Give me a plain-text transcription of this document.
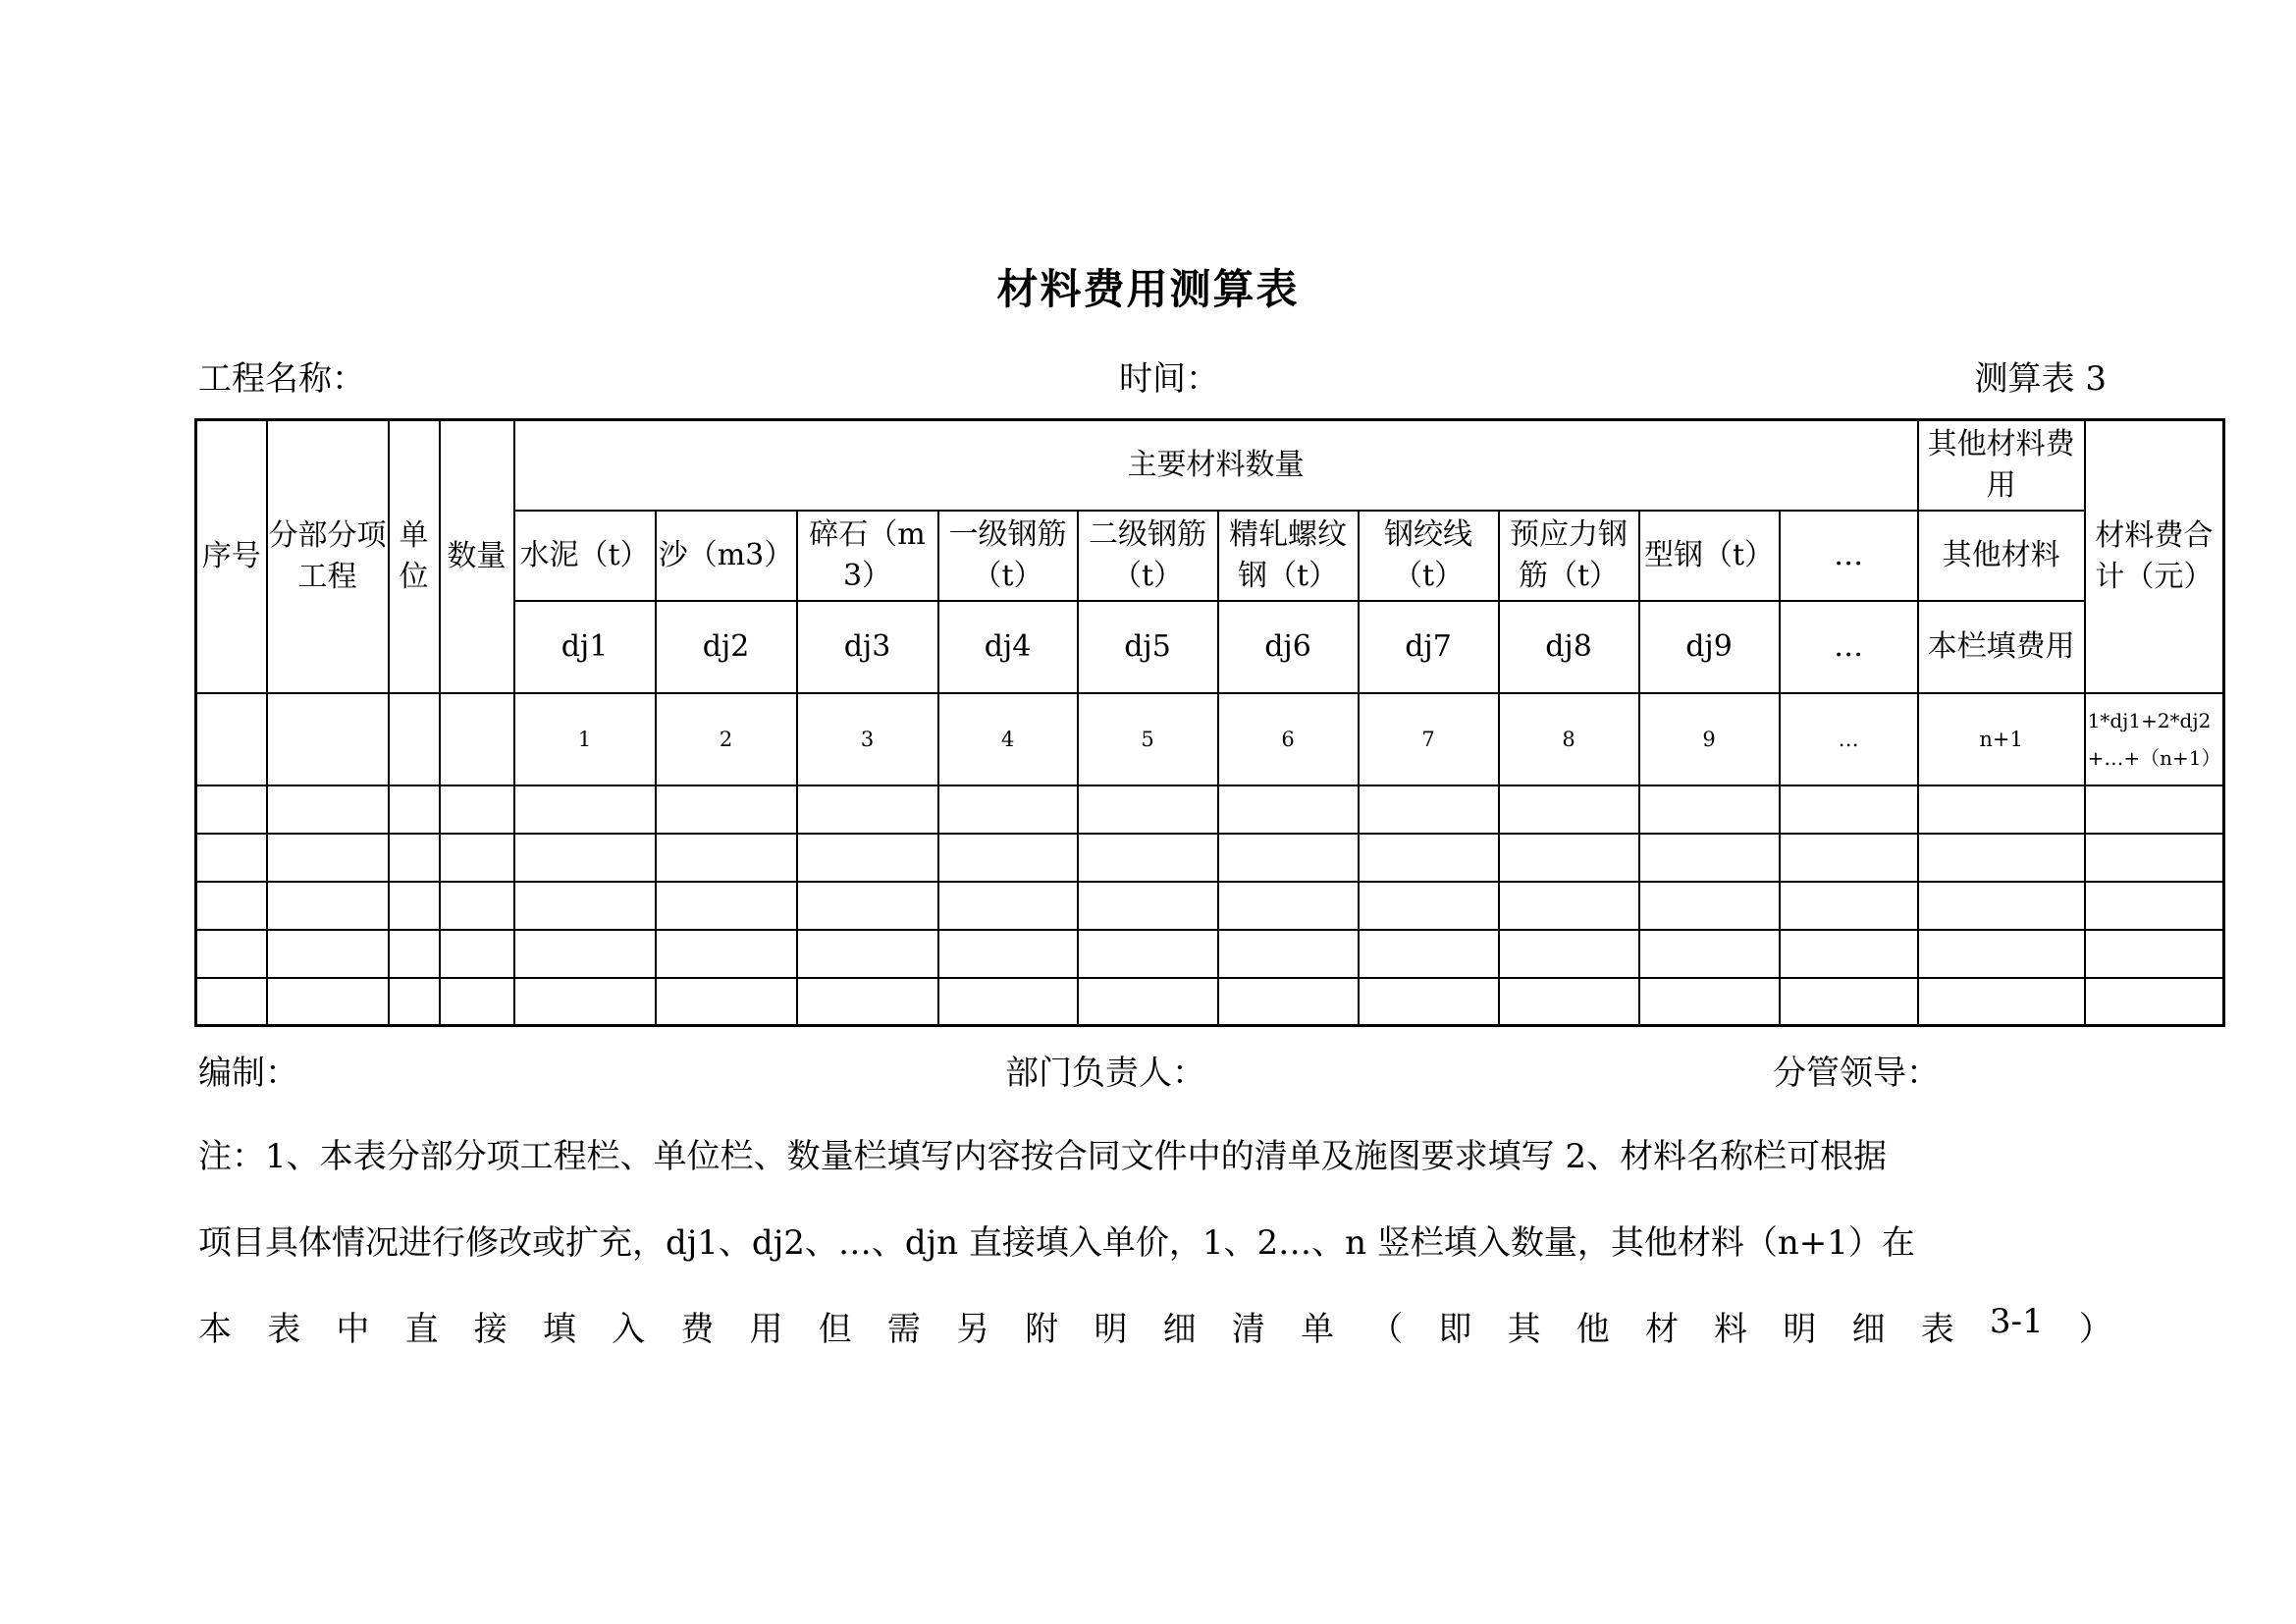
材料费用测算表
工程名称：	时间：	测算表 3
序号	分部分项工程	单位	数量	主要材料数量										其他材料费用	材料费合计（元）
				水泥（t）	沙（m3）	碎石（m3）	一级钢筋（t）	二级钢筋（t）	精轧螺纹钢（t）	钢绞线（t）	预应力钢筋（t）	型钢（t）	…	其他材料	
				dj1	dj2	dj3	dj4	dj5	dj6	dj7	dj8	dj9	…	本栏填费用	
				1	2	3	4	5	6	7	8	9	…	n+1	1*dj1+2*dj2+…+（n+1）

编制：	部门负责人：	分管领导：
注：1、本表分部分项工程栏、单位栏、数量栏填写内容按合同文件中的清单及施图要求填写 2、材料名称栏可根据
项目具体情况进行修改或扩充，dj1、dj2、…、djn 直接填入单价，1、2…、n 竖栏填入数量，其他材料（n+1）在
本 表 中 直 接 填 入 费 用 但 需 另 附 明 细 清 单 （ 即 其 他 材 料 明 细 表 3-1 ）
